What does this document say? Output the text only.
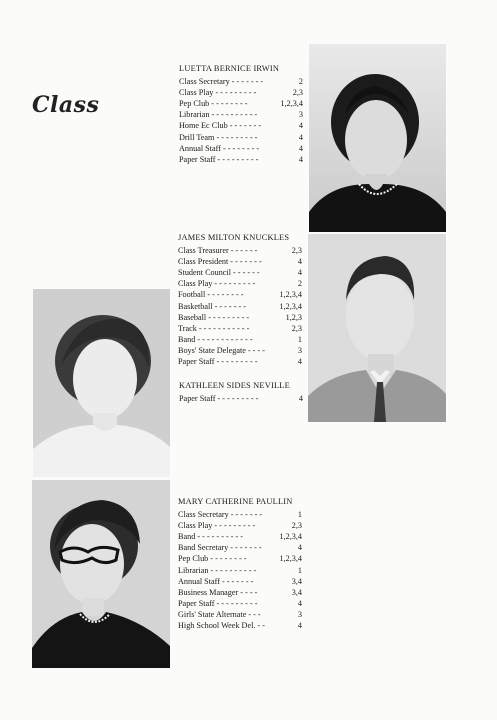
Class
LUETTA BERNICE IRWIN
Class Secretary - - - - - - -	2
Class Play - - - - - - - - -	2,3
Pep Club - - - - - - - -	1,2,3,4
Librarian - - - - - - - - - -	3
Home Ec Club - - - - - - -	4
Drill Team - - - - - - - - -	4
Annual Staff - - - - - - - -	4
Paper Staff - - - - - - - - -	4
JAMES MILTON KNUCKLES
Class Treasurer - - - - - -	2,3
Class President - - - - - - -	4
Student Council - - - - - -	4
Class Play - - - - - - - - -	2
Football - - - - - - - -	1,2,3,4
Basketball - - - - - - -	1,2,3,4
Baseball - - - - - - - - -	1,2,3
Track - - - - - - - - - - -	2,3
Band - - - - - - - - - - - -	1
Boys' State Delegate - - - -	3
Paper Staff - - - - - - - - -	4
KATHLEEN SIDES NEVILLE
Paper Staff - - - - - - - - -	4
MARY CATHERINE PAULLIN
Class Secretary - - - - - - -	1
Class Play - - - - - - - - -	2,3
Band - - - - - - - - - -	1,2,3,4
Band Secretary - - - - - - -	4
Pep Club - - - - - - - -	1,2,3,4
Librarian - - - - - - - - - -	1
Annual Staff - - - - - - -	3,4
Business Manager - - - -	3,4
Paper Staff - - - - - - - - -	4
Girls' State Alternate - - -	3
High School Week Del. - -	4
